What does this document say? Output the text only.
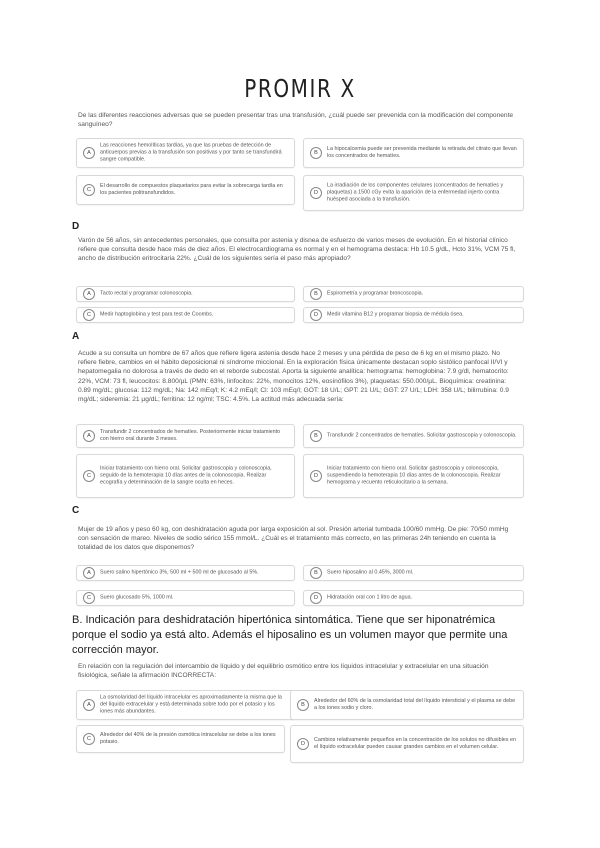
PROMIR X
De las diferentes reacciones adversas que se pueden presentar tras una transfusión, ¿cuál puede ser prevenida con la modificación del componente sanguíneo?
A
Las reacciones hemolíticas tardías, ya que las pruebas de detección de anticuerpos previas a la transfusión son positivas y por tanto se transfundirá sangre compatible.
B
La hipocalcemia puede ser prevenida mediante la retirada del citrato que llevan los concentrados de hematíes.
C
El desarrollo de compuestos plaquetarios para evitar la sobrecarga tardía en los pacientes politransfundidos.	D
La irradiación de los componentes celulares (concentrados de hematíes y plaquetas) a 1500 cGy evita la aparición de la enfermedad injerto contra huésped asociada a la transfusión.
D
Varón de 56 años, sin antecedentes personales, que consulta por astenia y disnea de esfuerzo de varios meses de evolución. En el historial clínico refiere que consulta desde hace más de diez años. El electrocardiograma es normal y en el hemograma destaca: Hb 10.5 g/dL, Hcto 31%, VCM 75 fl, ancho de distribución eritrocitaria 22%. ¿Cuál de los siguientes sería el paso más apropiado?
A	Tacto rectal y programar colonoscopia.	B	Espirometría y programar broncoscopia.
C	Medir haptoglobina y test para test de Coombs.	D	Medir vitamina B12 y programar biopsia de médula ósea.
A
Acude a su consulta un hombre de 67 años que refiere ligera astenia desde hace 2 meses y una pérdida de peso de 6 kg en el mismo plazo. No refiere fiebre, cambios en el hábito deposicional ni síndrome miccional. En la exploración física únicamente destacan soplo sistólico panfocal II/VI y hepatomegalia no dolorosa a través de dedo en el reborde subcostal. Aporta la siguiente analítica: hemograma: hemoglobina: 7.9 g/dl, hematocrito: 22%, VCM: 73 fl, leucocitos: 8.800/µL (PMN: 63%, linfocitos: 22%, monocitos 12%, eosinófilos 3%), plaquetas: 550.000/µL. Bioquímica: creatinina: 0.89 mg/dL; glucosa: 112 mg/dL; Na: 142 mEq/l; K: 4.2 mEq/l; Cl: 103 mEq/l; GOT: 18 U/L; GPT: 21 U/L; GGT: 27 U/L; LDH: 358 U/L; bilirrubina: 0.9 mg/dL; sideremia: 21 µg/dL; ferritina: 12 ng/ml; TSC: 4.5%. La actitud más adecuada sería:
A
Transfundir 2 concentrados de hematíes. Posteriormente iniciar tratamiento con hierro oral durante 3 meses.	B	Transfundir 2 concentrados de hematíes. Solicitar gastroscopia y colonoscopia.
C
Iniciar tratamiento con hierro oral. Solicitar gastroscopia y colonoscopia, seguido de la hemoterapia 10 días antes de la colonoscopia. Realizar ecografía y determinación de la sangre oculta en heces.
D
Iniciar tratamiento con hierro oral. Solicitar gastroscopia y colonoscopia, suspendiendo la hemoterapia 10 días antes de la colonoscopia. Realizar hemograma y recuento reticulocitario a la semana.
C
Mujer de 19 años y peso 60 kg, con deshidratación aguda por larga exposición al sol. Presión arterial tumbada 100/60 mmHg. De pie: 70/50 mmHg con sensación de mareo. Niveles de sodio sérico 155 mmol/L. ¿Cuál es el tratamiento más correcto, en las primeras 24h teniendo en cuenta la totalidad de los datos que disponemos?
A	Suero salino hipertónico 3%, 500 ml + 500 ml de glucosado al 5%.	B	Suero hiposalino al 0.45%, 3000 ml.
C	Suero glucosado 5%, 1000 ml.	D	Hidratación oral con 1 litro de agua.
B. Indicación para deshidratación hipertónica sintomática. Tiene que ser hiponatrémica porque el sodio ya está alto. Además el hiposalino es un volumen mayor que permite una corrección mayor.
En relación con la regulación del intercambio de líquido y del equilibrio osmótico entre los líquidos intracelular y extracelular en una situación fisiológica, señale la afirmación INCORRECTA:
A
La osmolaridad del líquido intracelular es aproximadamente la misma que la del líquido extracelular y está determinada sobre todo por el potasio y los iones más abundantes.
B
Alrededor del 60% de la osmolaridad total del líquido intersticial y el plasma se debe a los iones sodio y cloro.
C
Alrededor del 40% de la presión osmótica intracelular se debe a los iones potasio.	D
Cambios relativamente pequeños en la concentración de los solutos no difusibles en el líquido extracelular pueden causar grandes cambios en el volumen celular.
